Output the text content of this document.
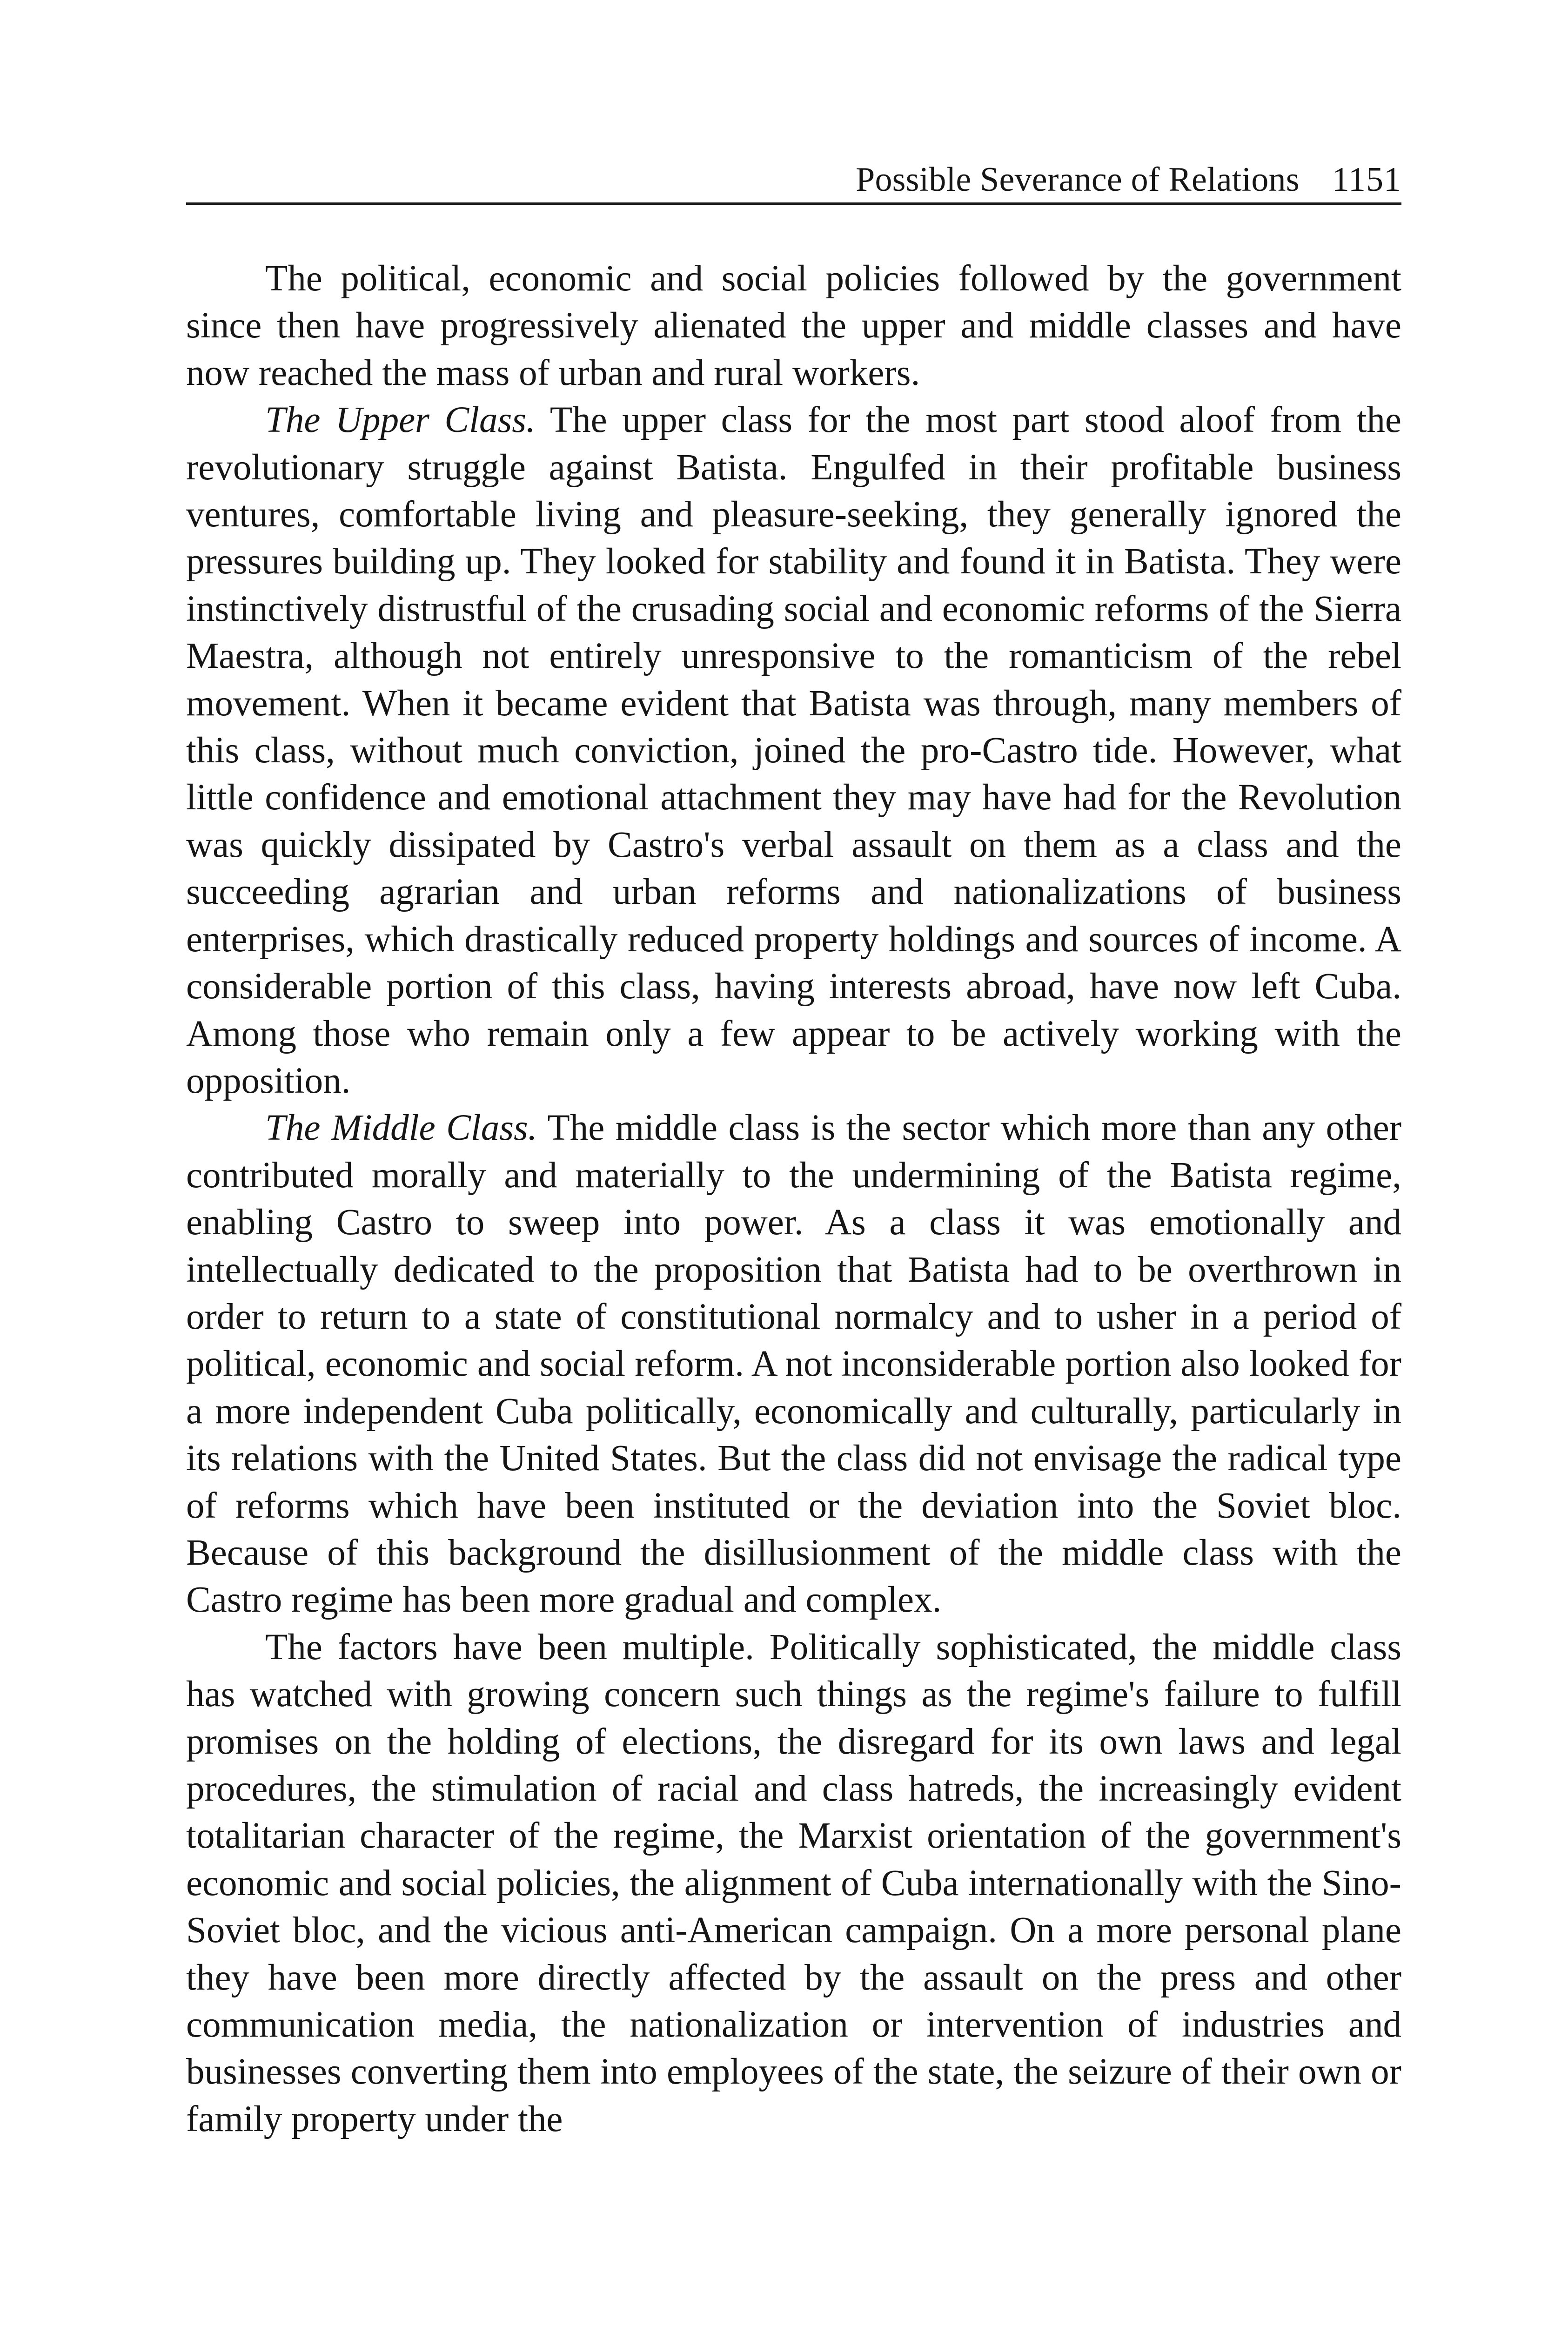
Possible Severance of Relations 1151

The political, economic and social policies followed by the government since then have progressively alienated the upper and middle classes and have now reached the mass of urban and rural workers.

The Upper Class. The upper class for the most part stood aloof from the revolutionary struggle against Batista. Engulfed in their profitable business ventures, comfortable living and pleasure-seeking, they generally ignored the pressures building up. They looked for stability and found it in Batista. They were instinctively distrustful of the crusading social and economic reforms of the Sierra Maestra, although not entirely unresponsive to the romanticism of the rebel movement. When it became evident that Batista was through, many members of this class, without much conviction, joined the pro-Castro tide. However, what little confidence and emotional attachment they may have had for the Revolution was quickly dissipated by Castro's verbal assault on them as a class and the succeeding agrarian and urban reforms and nationalizations of business enterprises, which drastically reduced property holdings and sources of income. A considerable portion of this class, having interests abroad, have now left Cuba. Among those who remain only a few appear to be actively working with the opposition.

The Middle Class. The middle class is the sector which more than any other contributed morally and materially to the undermining of the Batista regime, enabling Castro to sweep into power. As a class it was emotionally and intellectually dedicated to the proposition that Batista had to be overthrown in order to return to a state of constitutional normalcy and to usher in a period of political, economic and social reform. A not inconsiderable portion also looked for a more independent Cuba politically, economically and culturally, particularly in its relations with the United States. But the class did not envisage the radical type of reforms which have been instituted or the deviation into the Soviet bloc. Because of this background the disillusionment of the middle class with the Castro regime has been more gradual and complex.

The factors have been multiple. Politically sophisticated, the middle class has watched with growing concern such things as the regime's failure to fulfill promises on the holding of elections, the disregard for its own laws and legal procedures, the stimulation of racial and class hatreds, the increasingly evident totalitarian character of the regime, the Marxist orientation of the government's economic and social policies, the alignment of Cuba internationally with the Sino-Soviet bloc, and the vicious anti-American campaign. On a more personal plane they have been more directly affected by the assault on the press and other communication media, the nationalization or intervention of industries and businesses converting them into employees of the state, the seizure of their own or family property under the
